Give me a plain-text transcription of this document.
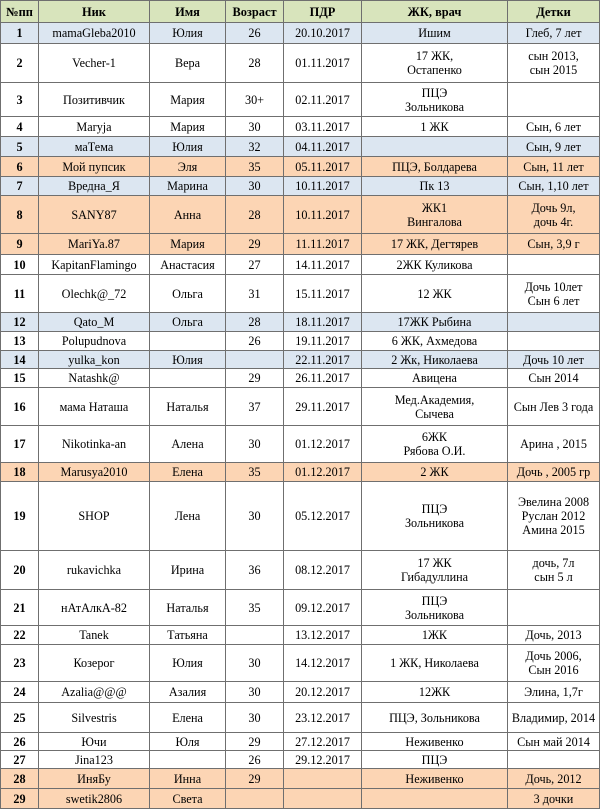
№пп	Ник	Имя	Возраст	ПДР	ЖК, врач	Детки
1	mamaGleba2010	Юлия	26	20.10.2017	Ишим	Глеб, 7 лет
2	Vecher-1	Вера	28	01.11.2017	17 ЖК,
Остапенко	сын 2013,
сын 2015
3	Позитивчик	Мария	30+	02.11.2017	ПЦЭ
Зольникова	
4	Maryja	Мария	30	03.11.2017	1 ЖК	Сын, 6 лет
5	маТема	Юлия	32	04.11.2017		Сын, 9 лет
6	Мой пупсик	Эля	35	05.11.2017	ПЦЭ, Болдарева	Сын, 11 лет
7	Вредна_Я	Марина	30	10.11.2017	Пк 13	Сын, 1,10 лет
8	SANY87	Анна	28	10.11.2017	ЖК1
Вингалова	Дочь 9л,
дочь 4г.
9	MariYa.87	Мария	29	11.11.2017	17 ЖК, Дегтярев	Сын, 3,9 г
10	KapitanFlamingo	Анастасия	27	14.11.2017	2ЖК Куликова	
11	Olechk@_72	Ольга	31	15.11.2017	12 ЖК	Дочь 10лет
Сын 6 лет
12	Qato_M	Ольга	28	18.11.2017	17ЖК Рыбина	
13	Polupudnova		26	19.11.2017	6 ЖК, Ахмедова	
14	yulka_kon	Юлия		22.11.2017	2 Жк, Николаева	Дочь 10 лет
15	Natashk@		29	26.11.2017	Авицена	Сын 2014
16	мама Наташа	Наталья	37	29.11.2017	Мед.Академия,
Сычева	Сын Лев 3 года
17	Nikotinka-an	Алена	30	01.12.2017	6ЖК
Рябова О.И.	Арина , 2015
18	Marusya2010	Елена	35	01.12.2017	2 ЖК	Дочь , 2005 гр
19	SHOP	Лена	30	05.12.2017	ПЦЭ
Зольникова	Эвелина 2008
Руслан 2012
Амина 2015
20	rukavichka	Ирина	36	08.12.2017	17 ЖК
Гибадуллина	дочь, 7л
сын 5 л
21	нАтАлкА-82	Наталья	35	09.12.2017	ПЦЭ
Зольникова	
22	Tanek	Татьяна		13.12.2017	1ЖК	Дочь, 2013
23	Козерог	Юлия	30	14.12.2017	1 ЖК, Николаева	Дочь 2006,
Сын 2016
24	Azalia@@@	Азалия	30	20.12.2017	12ЖК	Элина, 1,7г
25	Silvestris	Елена	30	23.12.2017	ПЦЭ, Зольникова	Владимир, 2014
26	Ючи	Юля	29	27.12.2017	Неживенко	Сын май 2014
27	Jina123		26	29.12.2017	ПЦЭ	
28	ИняБу	Инна	29		Неживенко	Дочь, 2012
29	swetik2806	Света				3 дочки
